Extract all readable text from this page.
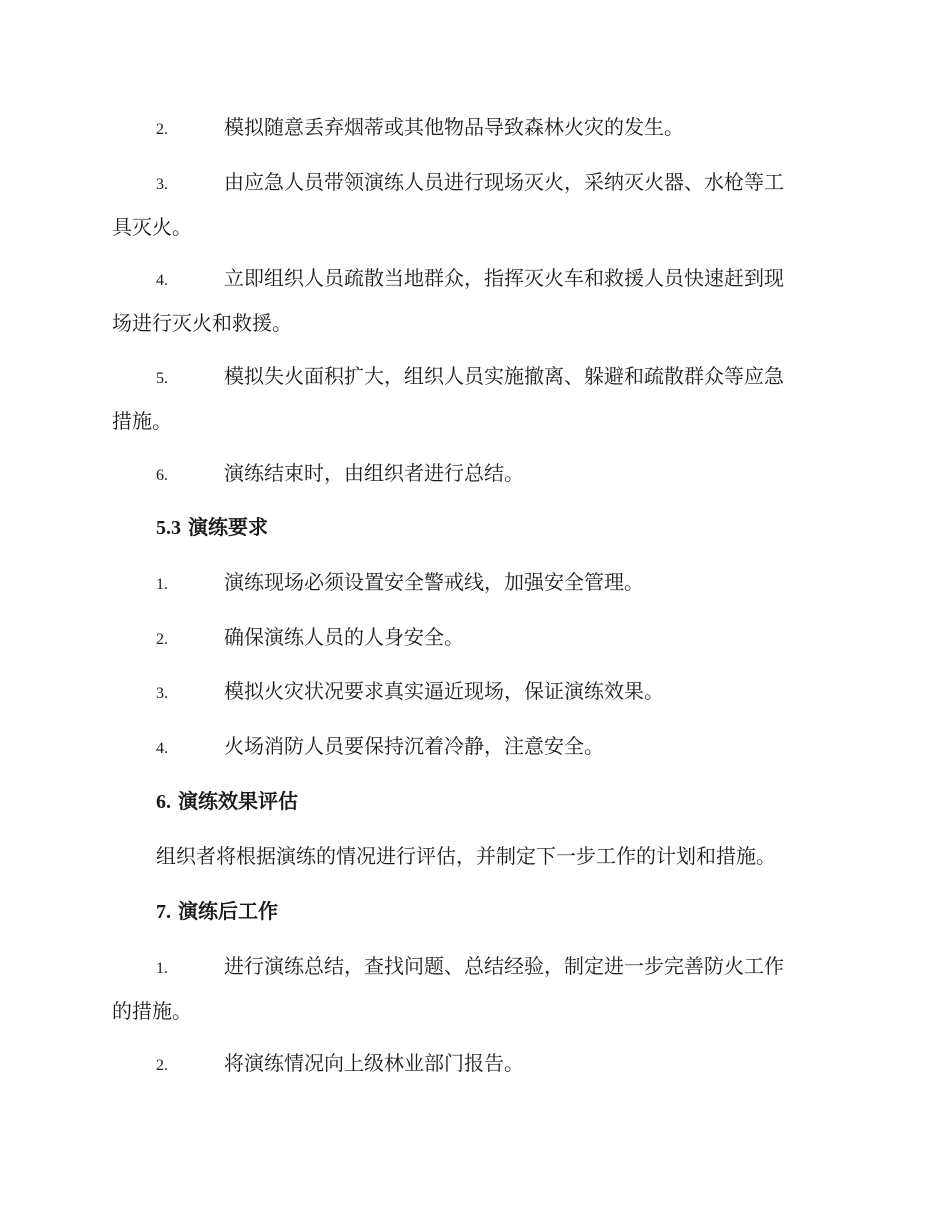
2.	模拟随意丢弃烟蒂或其他物品导致森林火灾的发生。
3.	由应急人员带领演练人员进行现场灭火，采纳灭火器、水枪等工
具灭火。
4.	立即组织人员疏散当地群众，指挥灭火车和救援人员快速赶到现
场进行灭火和救援。
5.	模拟失火面积扩大，组织人员实施撤离、躲避和疏散群众等应急
措施。
6.	演练结束时，由组织者进行总结。
5.3 演练要求
1.	演练现场必须设置安全警戒线，加强安全管理。
2.	确保演练人员的人身安全。
3.	模拟火灾状况要求真实逼近现场，保证演练效果。
4.	火场消防人员要保持沉着冷静，注意安全。
6. 演练效果评估
组织者将根据演练的情况进行评估，并制定下一步工作的计划和措施。
7. 演练后工作
1.	进行演练总结，查找问题、总结经验，制定进一步完善防火工作
的措施。
2.	将演练情况向上级林业部门报告。
